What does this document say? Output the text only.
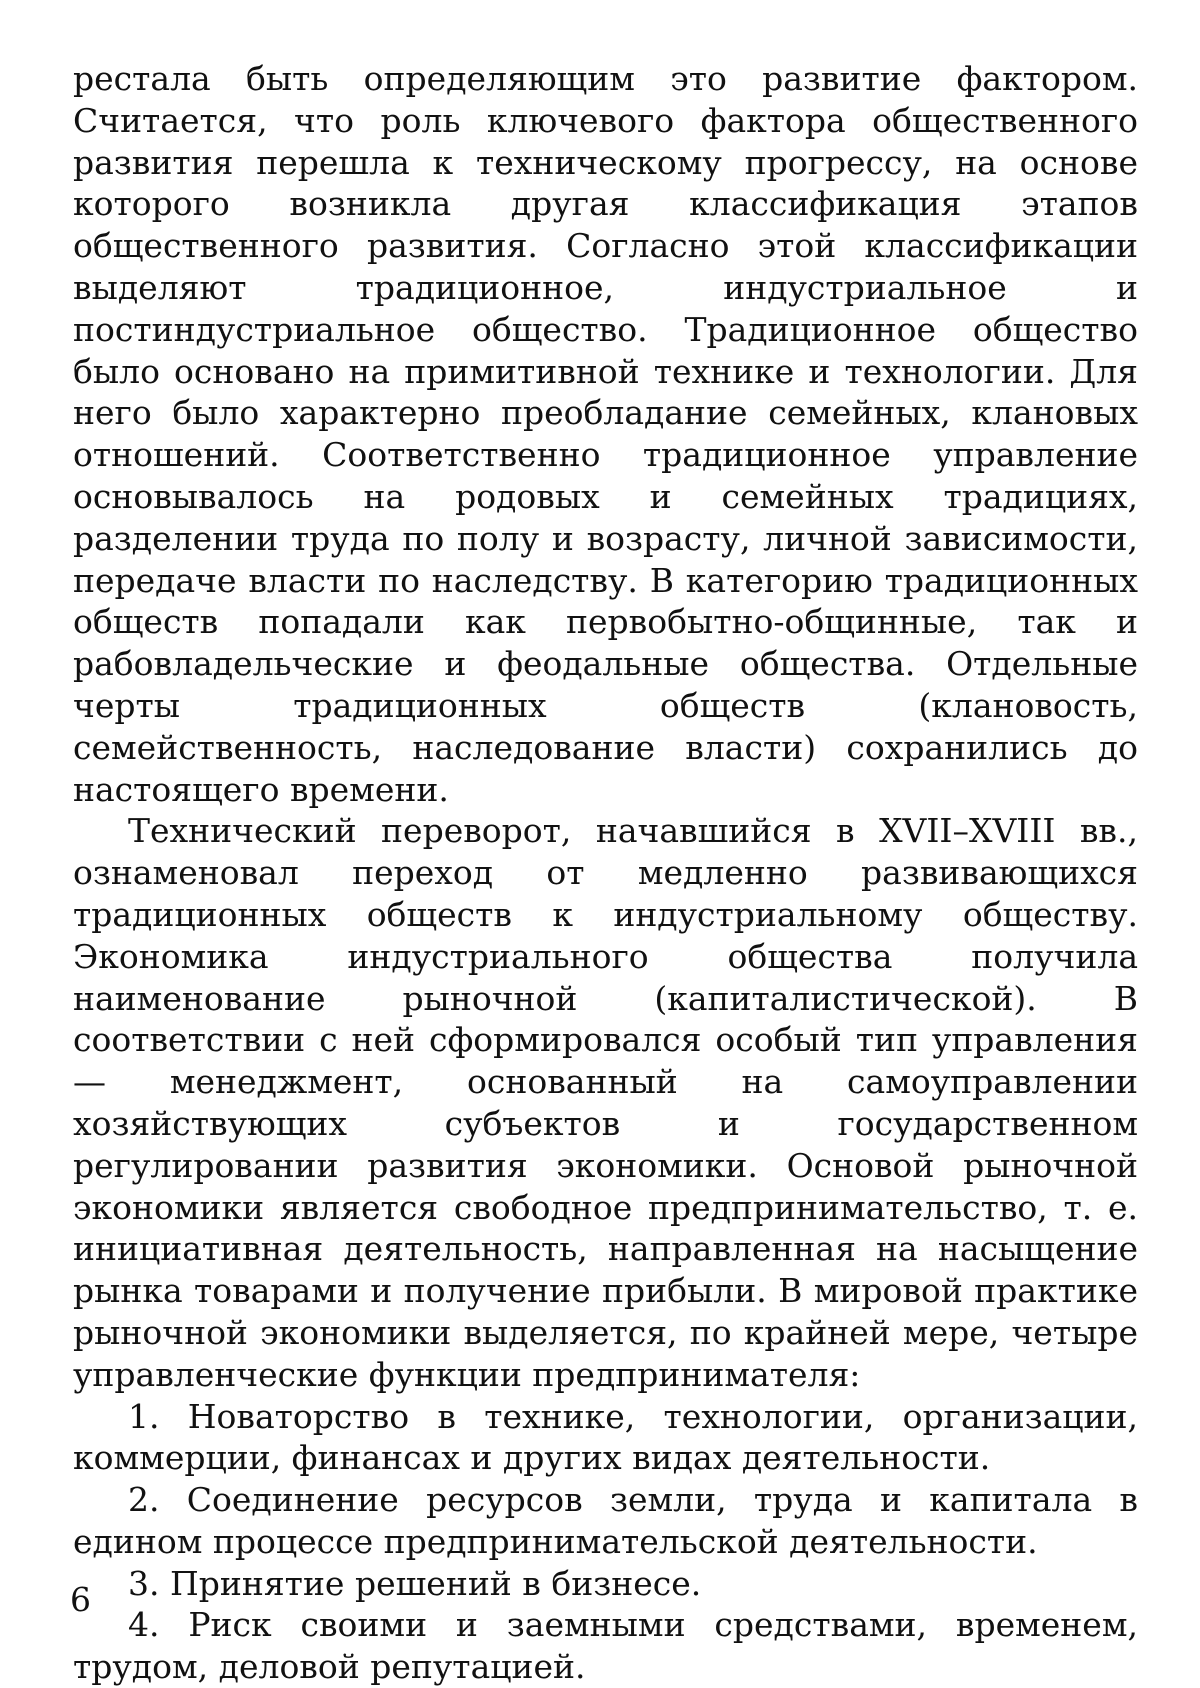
рестала быть определяющим это развитие фактором. Считается, что роль ключевого фактора общественного развития перешла к техническому прогрессу, на основе которого возникла другая классификация этапов общественного развития. Согласно этой классификации выделяют традиционное, индустриальное и постиндустриальное общество. Традиционное общество было основано на примитивной технике и технологии. Для него было характерно преобладание семейных, клановых отношений. Соответственно традиционное управление основывалось на родовых и семейных традициях, разделении труда по полу и возрасту, личной зависимости, передаче власти по наследству. В категорию традиционных обществ попадали как первобытно-общинные, так и рабовладельческие и феодальные общества. Отдельные черты традиционных обществ (клановость, семейственность, наследование власти) сохранились до настоящего времени.

Технический переворот, начавшийся в XVII–XVIII вв., ознаменовал переход от медленно развивающихся традиционных обществ к индустриальному обществу. Экономика индустриального общества получила наименование рыночной (капиталистической). В соответствии с ней сформировался особый тип управления — менеджмент, основанный на самоуправлении хозяйствующих субъектов и государственном регулировании развития экономики. Основой рыночной экономики является свободное предпринимательство, т. е. инициативная деятельность, направленная на насыщение рынка товарами и получение прибыли. В мировой практике рыночной экономики выделяется, по крайней мере, четыре управленческие функции предпринимателя:

1. Новаторство в технике, технологии, организации, коммерции, финансах и других видах деятельности.

2. Соединение ресурсов земли, труда и капитала в едином процессе предпринимательской деятельности.

3. Принятие решений в бизнесе.

4. Риск своими и заемными средствами, временем, трудом, деловой репутацией.

6
